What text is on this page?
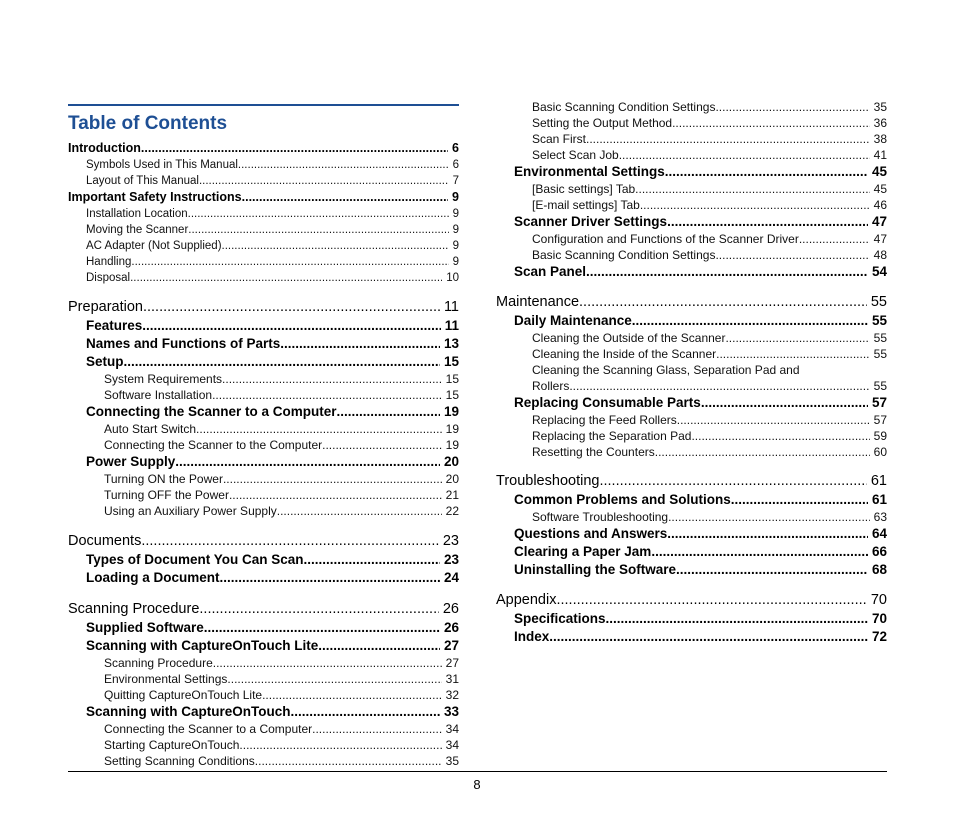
Table of Contents
Introduction .....	6
Symbols Used in This Manual .....	6
Layout of This Manual .....	7
Important Safety Instructions .....	9
Installation Location .....	9
Moving the Scanner .....	9
AC Adapter (Not Supplied) .....	9
Handling .....	9
Disposal .....	10
Preparation .....	11
Features .....	11
Names and Functions of Parts .....	13
Setup .....	15
System Requirements .....	15
Software Installation .....	15
Connecting the Scanner to a Computer .....	19
Auto Start Switch .....	19
Connecting the Scanner to the Computer .....	19
Power Supply .....	20
Turning ON the Power .....	20
Turning OFF the Power .....	21
Using an Auxiliary Power Supply .....	22
Documents .....	23
Types of Document You Can Scan .....	23
Loading a Document .....	24
Scanning Procedure .....	26
Supplied Software .....	26
Scanning with CaptureOnTouch Lite .....	27
Scanning Procedure .....	27
Environmental Settings .....	31
Quitting CaptureOnTouch Lite .....	32
Scanning with CaptureOnTouch .....	33
Connecting the Scanner to a Computer .....	34
Starting CaptureOnTouch .....	34
Setting Scanning Conditions .....	35
Basic Scanning Condition Settings .....	35
Setting the Output Method .....	36
Scan First .....	38
Select Scan Job .....	41
Environmental Settings .....	45
[Basic settings] Tab .....	45
[E-mail settings] Tab .....	46
Scanner Driver Settings .....	47
Configuration and Functions of the Scanner Driver .....	47
Basic Scanning Condition Settings .....	48
Scan Panel .....	54
Maintenance .....	55
Daily Maintenance .....	55
Cleaning the Outside of the Scanner .....	55
Cleaning the Inside of the Scanner .....	55
Cleaning the Scanning Glass, Separation Pad and
Rollers .....	55
Replacing Consumable Parts .....	57
Replacing the Feed Rollers .....	57
Replacing the Separation Pad .....	59
Resetting the Counters .....	60
Troubleshooting .....	61
Common Problems and Solutions .....	61
Software Troubleshooting .....	63
Questions and Answers .....	64
Clearing a Paper Jam .....	66
Uninstalling the Software .....	68
Appendix .....	70
Specifications .....	70
Index .....	72
8
